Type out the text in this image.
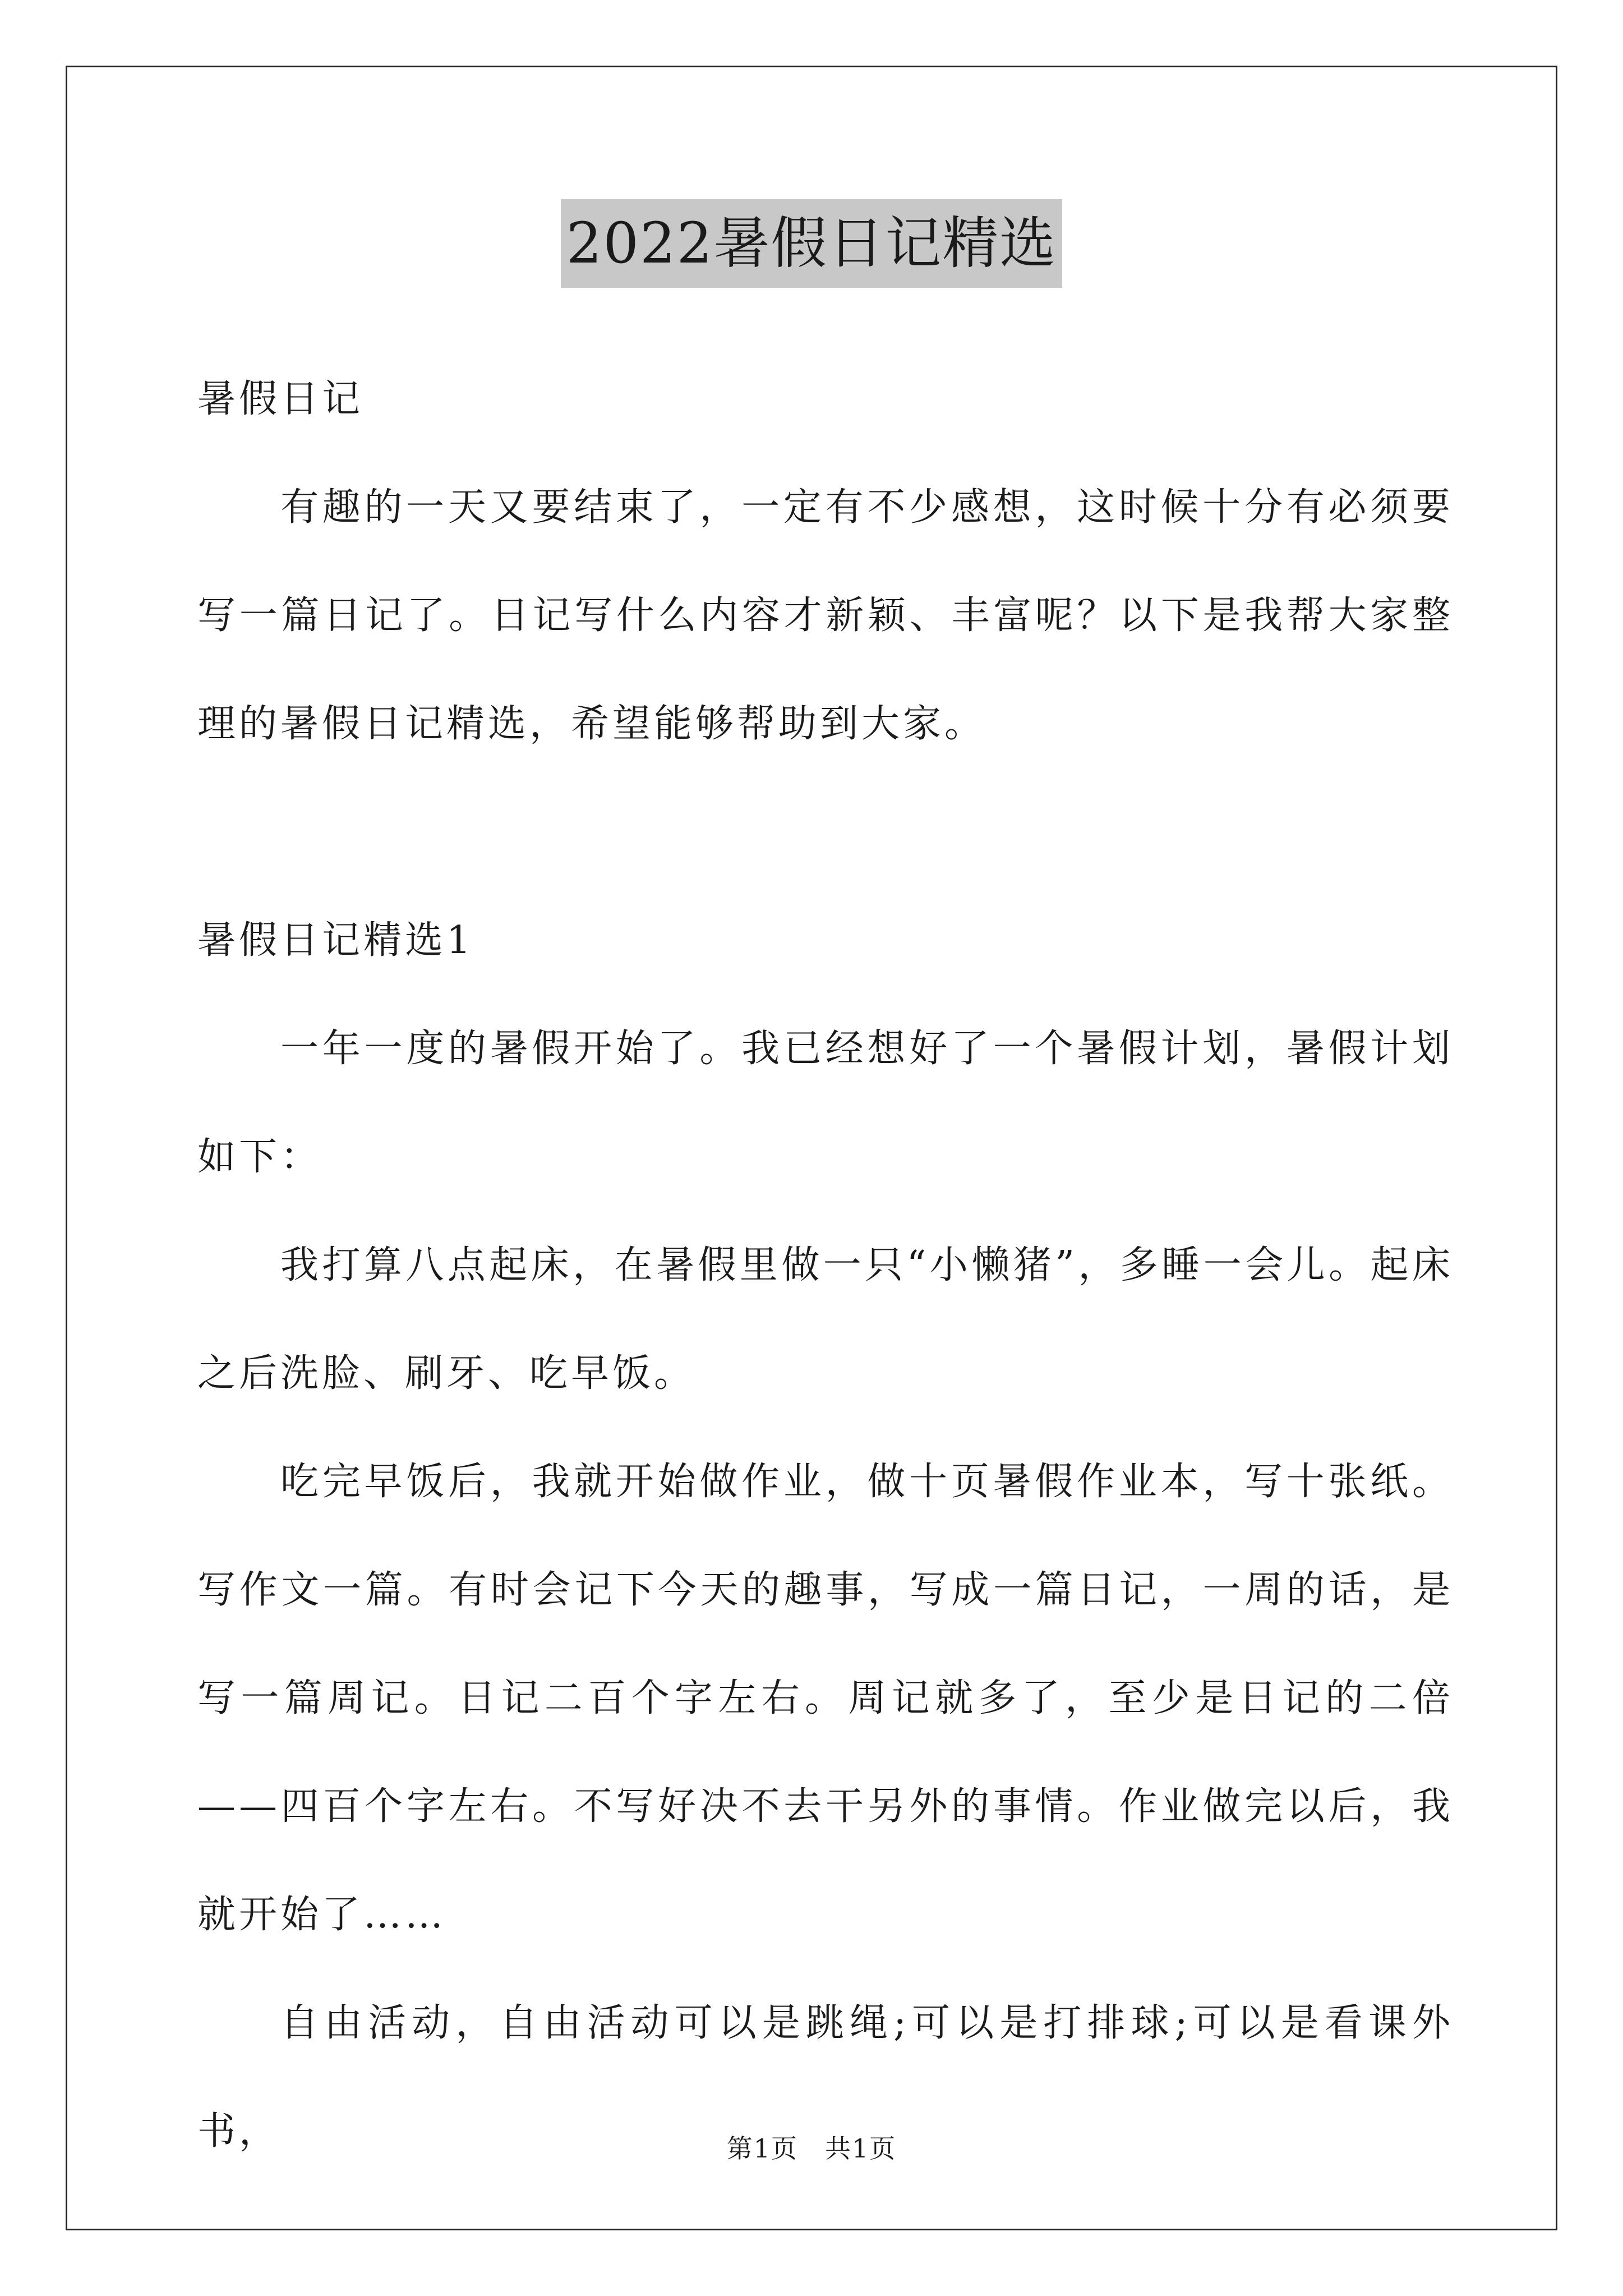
2022暑假日记精选

暑假日记

有趣的一天又要结束了，一定有不少感想，这时候十分有必须要写一篇日记了。日记写什么内容才新颖、丰富呢？以下是我帮大家整理的暑假日记精选，希望能够帮助到大家。

暑假日记精选1

一年一度的暑假开始了。我已经想好了一个暑假计划，暑假计划如下：

我打算八点起床，在暑假里做一只“小懒猪”，多睡一会儿。起床之后洗脸、刷牙、吃早饭。

吃完早饭后，我就开始做作业，做十页暑假作业本，写十张纸。写作文一篇。有时会记下今天的趣事，写成一篇日记，一周的话，是写一篇周记。日记二百个字左右。周记就多了，至少是日记的二倍——四百个字左右。不写好决不去干另外的事情。作业做完以后，我就开始了……

自由活动，自由活动可以是跳绳;可以是打排球;可以是看课外书，	第1页 共1页
